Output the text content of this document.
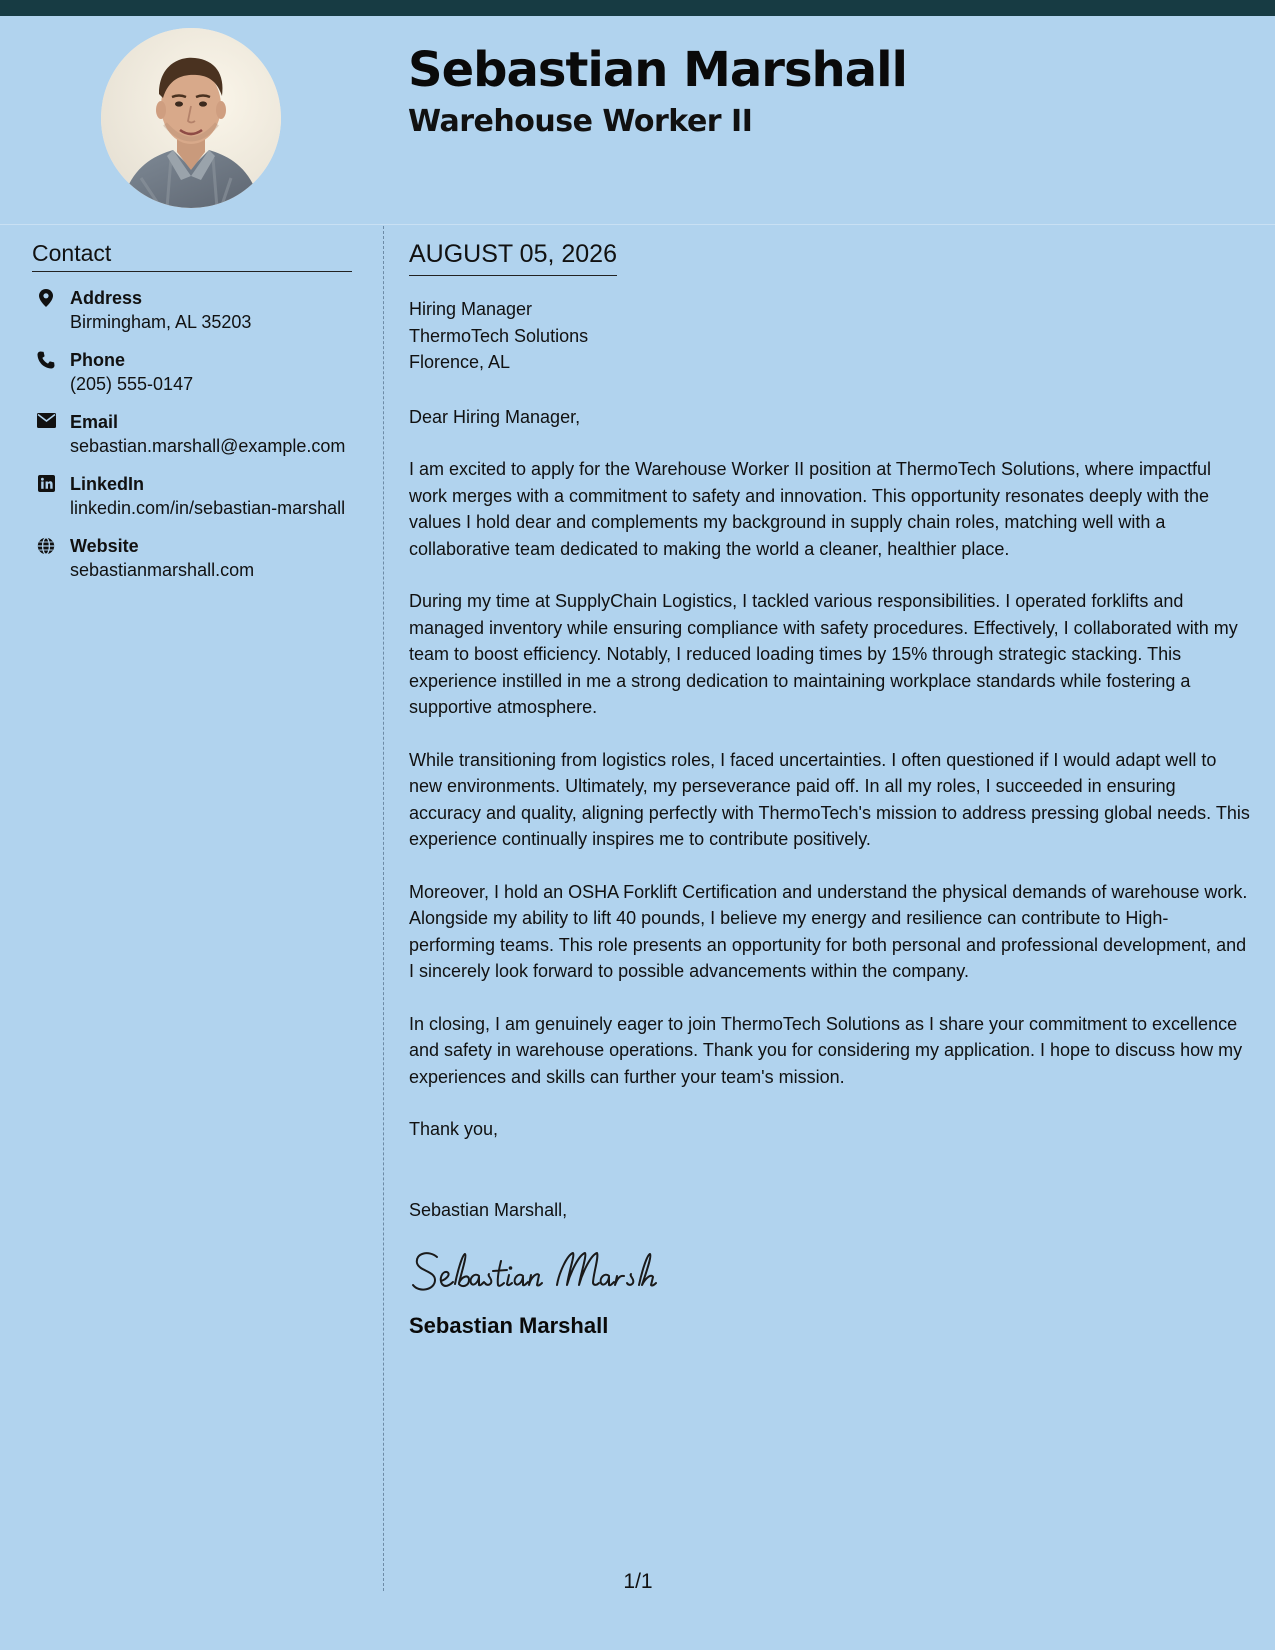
Sebastian Marshall
Warehouse Worker II
Contact
Address
Birmingham, AL 35203
Phone
(205) 555-0147
Email
sebastian.marshall@example.com
LinkedIn
linkedin.com/in/sebastian-marshall
Website
sebastianmarshall.com
AUGUST 05, 2026
Hiring Manager
ThermoTech Solutions
Florence, AL
Dear Hiring Manager,

I am excited to apply for the Warehouse Worker II position at ThermoTech Solutions, where impactful work merges with a commitment to safety and innovation. This opportunity resonates deeply with the values I hold dear and complements my background in supply chain roles, matching well with a collaborative team dedicated to making the world a cleaner, healthier place.

During my time at SupplyChain Logistics, I tackled various responsibilities. I operated forklifts and managed inventory while ensuring compliance with safety procedures. Effectively, I collaborated with my team to boost efficiency. Notably, I reduced loading times by 15% through strategic stacking. This experience instilled in me a strong dedication to maintaining workplace standards while fostering a supportive atmosphere.

While transitioning from logistics roles, I faced uncertainties. I often questioned if I would adapt well to new environments. Ultimately, my perseverance paid off. In all my roles, I succeeded in ensuring accuracy and quality, aligning perfectly with ThermoTech's mission to address pressing global needs. This experience continually inspires me to contribute positively.

Moreover, I hold an OSHA Forklift Certification and understand the physical demands of warehouse work. Alongside my ability to lift 40 pounds, I believe my energy and resilience can contribute to High-performing teams. This role presents an opportunity for both personal and professional development, and I sincerely look forward to possible advancements within the company.

In closing, I am genuinely eager to join ThermoTech Solutions as I share your commitment to excellence and safety in warehouse operations. Thank you for considering my application. I hope to discuss how my experiences and skills can further your team's mission.

Thank you,
Sebastian Marshall,
Sebastian Marshall
1/1
